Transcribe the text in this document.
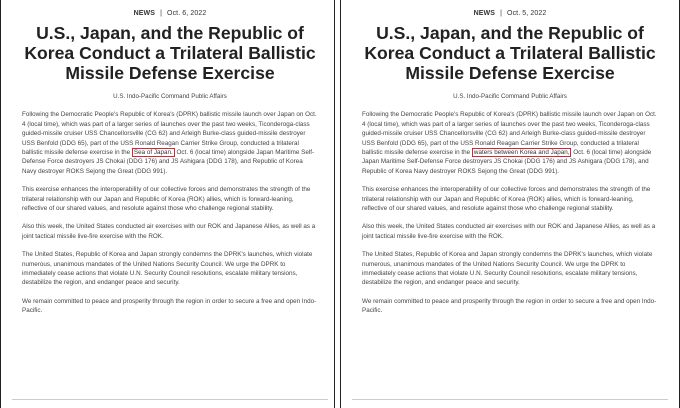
NEWS | Oct. 6, 2022
U.S., Japan, and the Republic of Korea Conduct a Trilateral Ballistic Missile Defense Exercise
U.S. Indo-Pacific Command Public Affairs

Following the Democratic People's Republic of Korea's (DPRK) ballistic missile launch over Japan on Oct. 4 (local time), which was part of a larger series of launches over the past two weeks, Ticonderoga-class guided-missile cruiser USS Chancellorsville (CG 62) and Arleigh Burke-class guided-missile destroyer USS Benfold (DDG 65), part of the USS Ronald Reagan Carrier Strike Group, conducted a trilateral ballistic missile defense exercise in the Sea of Japan. Oct. 6 (local time) alongside Japan Maritime Self-Defense Force destroyers JS Chokai (DDG 176) and JS Ashigara (DDG 178), and Republic of Korea Navy destroyer ROKS Sejong the Great (DDG 991).

This exercise enhances the interoperability of our collective forces and demonstrates the strength of the trilateral relationship with our Japan and Republic of Korea (ROK) allies, which is forward-leaning, reflective of our shared values, and resolute against those who challenge regional stability.

Also this week, the United States conducted air exercises with our ROK and Japanese Allies, as well as a joint tactical missile live-fire exercise with the ROK.

The United States, Republic of Korea and Japan strongly condemns the DPRK's launches, which violate numerous, unanimous mandates of the United Nations Security Council. We urge the DPRK to immediately cease actions that violate U.N. Security Council resolutions, escalate military tensions, destabilize the region, and endanger peace and security.

We remain committed to peace and prosperity through the region in order to secure a free and open Indo-Pacific.

NEWS | Oct. 5, 2022
U.S., Japan, and the Republic of Korea Conduct a Trilateral Ballistic Missile Defense Exercise
U.S. Indo-Pacific Command Public Affairs

Following the Democratic People's Republic of Korea's (DPRK) ballistic missile launch over Japan on Oct. 4 (local time), which was part of a larger series of launches over the past two weeks, Ticonderoga-class guided-missile cruiser USS Chancellorsville (CG 62) and Arleigh Burke-class guided-missile destroyer USS Benfold (DDG 65), part of the USS Ronald Reagan Carrier Strike Group, conducted a trilateral ballistic missile defense exercise in the waters between Korea and Japan, Oct. 6 (local time) alongside Japan Maritime Self-Defense Force destroyers JS Chokai (DDG 176) and JS Ashigara (DDG 178), and Republic of Korea Navy destroyer ROKS Sejong the Great (DDG 991).

This exercise enhances the interoperability of our collective forces and demonstrates the strength of the trilateral relationship with our Japan and Republic of Korea (ROK) allies, which is forward-leaning, reflective of our shared values, and resolute against those who challenge regional stability.

Also this week, the United States conducted air exercises with our ROK and Japanese Allies, as well as a joint tactical missile live-fire exercise with the ROK.

The United States, Republic of Korea and Japan strongly condemns the DPRK's launches, which violate numerous, unanimous mandates of the United Nations Security Council. We urge the DPRK to immediately cease actions that violate U.N. Security Council resolutions, escalate military tensions, destabilize the region, and endanger peace and security.

We remain committed to peace and prosperity through the region in order to secure a free and open Indo-Pacific.
